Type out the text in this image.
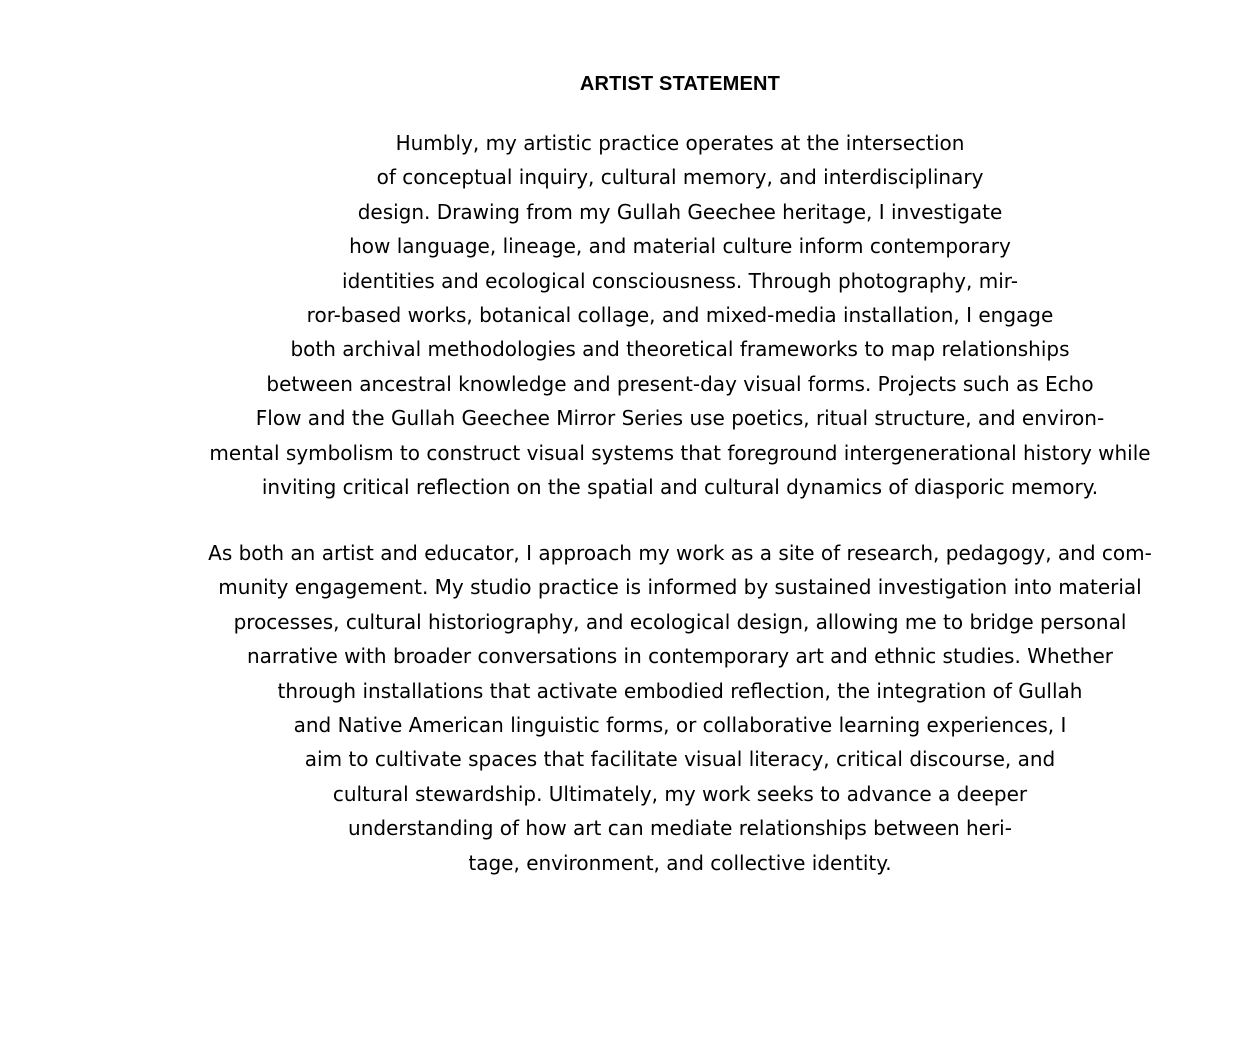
ARTIST STATEMENT

Humbly, my artistic practice operates at the intersection
of conceptual inquiry, cultural memory, and interdisciplinary
design. Drawing from my Gullah Geechee heritage, I investigate
how language, lineage, and material culture inform contemporary
identities and ecological consciousness. Through photography, mir-
ror-based works, botanical collage, and mixed-media installation, I engage
both archival methodologies and theoretical frameworks to map relationships
between ancestral knowledge and present-day visual forms. Projects such as Echo
Flow and the Gullah Geechee Mirror Series use poetics, ritual structure, and environ-
mental symbolism to construct visual systems that foreground intergenerational history while
inviting critical reflection on the spatial and cultural dynamics of diasporic memory.

As both an artist and educator, I approach my work as a site of research, pedagogy, and com-
munity engagement. My studio practice is informed by sustained investigation into material
processes, cultural historiography, and ecological design, allowing me to bridge personal
narrative with broader conversations in contemporary art and ethnic studies. Whether
through installations that activate embodied reflection, the integration of Gullah
and Native American linguistic forms, or collaborative learning experiences, I
aim to cultivate spaces that facilitate visual literacy, critical discourse, and
cultural stewardship. Ultimately, my work seeks to advance a deeper
understanding of how art can mediate relationships between heri-
tage, environment, and collective identity.
